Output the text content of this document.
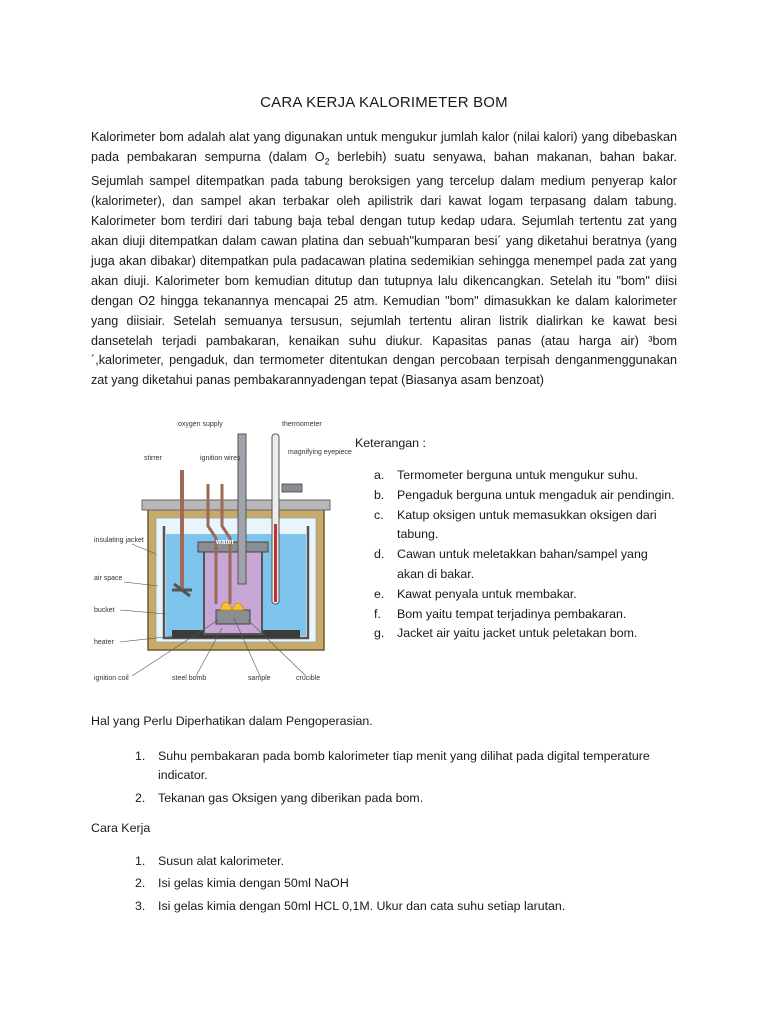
CARA KERJA KALORIMETER BOM

Kalorimeter bom adalah alat yang digunakan untuk mengukur jumlah kalor (nilai kalori) yang dibebaskan pada pembakaran sempurna (dalam $O_2$ berlebih) suatu senyawa, bahan makanan, bahan bakar. Sejumlah sampel ditempatkan pada tabung beroksigen yang tercelup dalam medium penyerap kalor (kalorimeter), dan sampel akan terbakar oleh apilistrik dari kawat logam terpasang dalam tabung. Kalorimeter bom terdiri dari tabung baja tebal dengan tutup kedap udara. Sejumlah tertentu zat yang akan diuji ditempatkan dalam cawan platina dan sebuah"kumparan besi´ yang diketahui beratnya (yang juga akan dibakar) ditempatkan pula padacawan platina sedemikian sehingga menempel pada zat yang akan diuji. Kalorimeter bom kemudian ditutup dan tutupnya lalu dikencangkan. Setelah itu "bom" diisi dengan O2 hingga tekanannya mencapai 25 atm. Kemudian "bom" dimasukkan ke dalam kalorimeter yang diisiair. Setelah semuanya tersusun, sejumlah tertentu aliran listrik dialirkan ke kawat besi dansetelah terjadi pambakaran, kenaikan suhu diukur. Kapasitas panas (atau harga air) ³bom´,kalorimeter, pengaduk, dan termometer ditentukan dengan percobaan terpisah denganmenggunakan zat yang diketahui panas pembakarannyadengan tepat (Biasanya asam benzoat)

oxygen supply	thermometer
stirrer	ignition wires
magnifying eyepiece
insulating jacket	water
air space
bucket
heater
ignition coil	steel bomb	sample	crucible

Keterangan :

a. Termometer berguna untuk mengukur suhu.
b. Pengaduk berguna untuk mengaduk air pendingin.
c. Katup oksigen untuk memasukkan oksigen dari tabung.
d. Cawan untuk meletakkan bahan/sampel yang akan di bakar.
e. Kawat penyala untuk membakar.
f. Bom yaitu tempat terjadinya pembakaran.
g. Jacket air yaitu jacket untuk peletakan bom.
Hal yang Perlu Diperhatikan dalam Pengoperasian.
1. Suhu pembakaran pada bomb kalorimeter tiap menit yang dilihat pada digital temperature indicator.
2. Tekanan gas Oksigen yang diberikan pada bom.
Cara Kerja
1. Susun alat kalorimeter.
2. Isi gelas kimia dengan 50ml NaOH
3. Isi gelas kimia dengan 50ml HCL 0,1M. Ukur dan cata suhu setiap larutan.
